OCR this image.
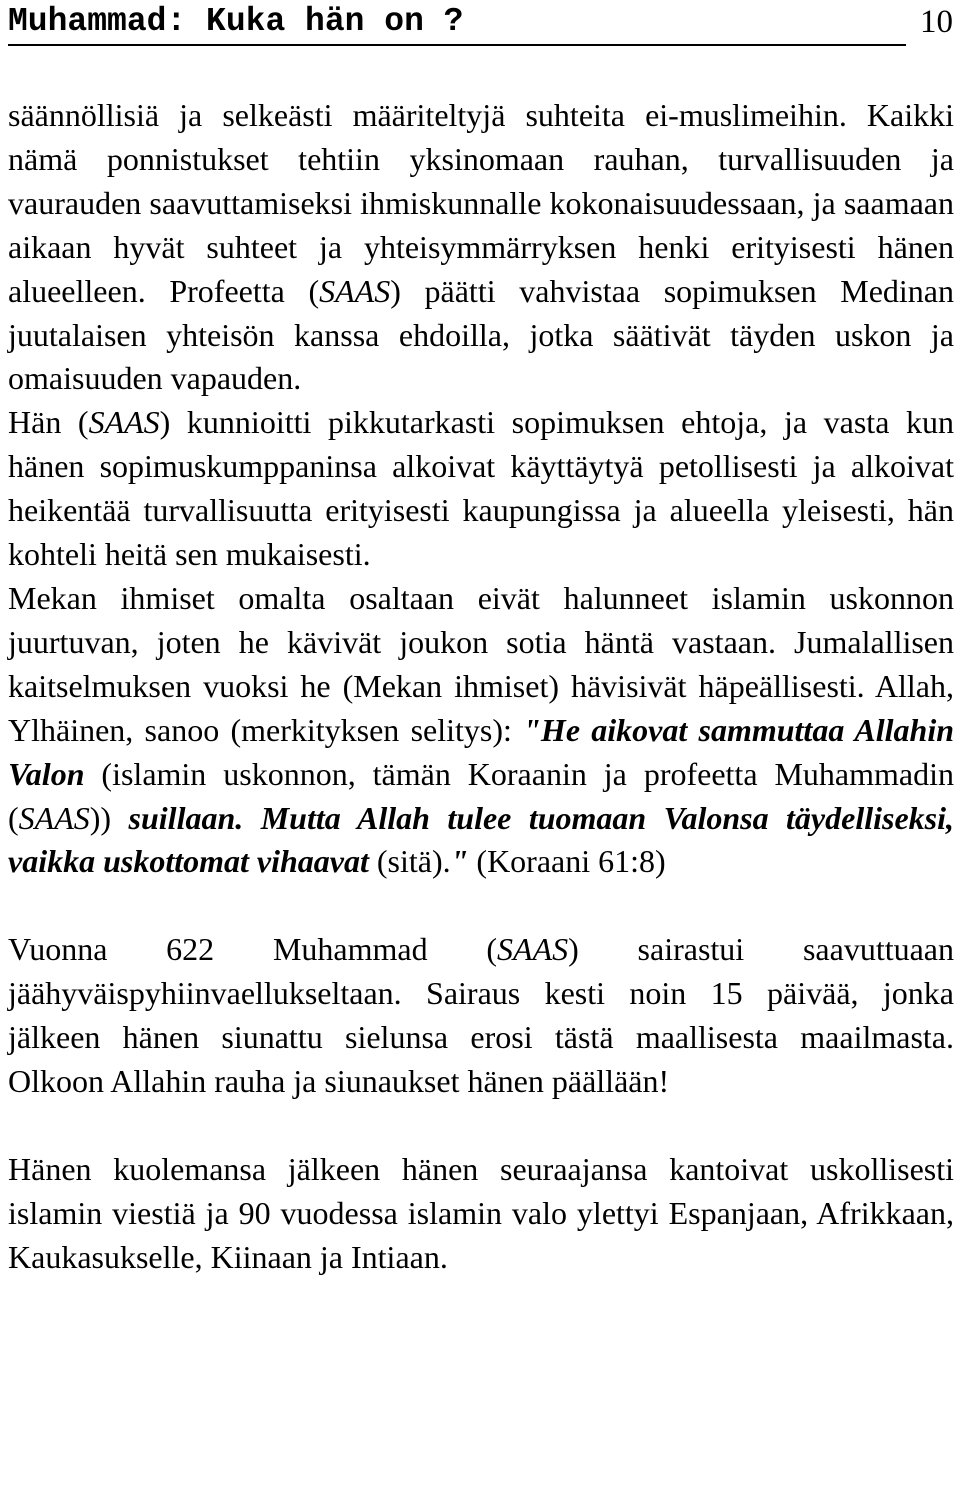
Muhammad: Kuka hän on ?	10

säännöllisiä ja selkeästi määriteltyjä suhteita ei-muslimeihin. Kaikki nämä ponnistukset tehtiin yksinomaan rauhan, turvallisuuden ja vaurauden saavuttamiseksi ihmiskunnalle kokonaisuudessaan, ja saamaan aikaan hyvät suhteet ja yhteisymmärryksen henki erityisesti hänen alueelleen. Profeetta (SAAS) päätti vahvistaa sopimuksen Medinan juutalaisen yhteisön kanssa ehdoilla, jotka säätivät täyden uskon ja omaisuuden vapauden.

Hän (SAAS) kunnioitti pikkutarkasti sopimuksen ehtoja, ja vasta kun hänen sopimuskumppaninsa alkoivat käyttäytyä petollisesti ja alkoivat heikentää turvallisuutta erityisesti kaupungissa ja alueella yleisesti, hän kohteli heitä sen mukaisesti.

Mekan ihmiset omalta osaltaan eivät halunneet islamin uskonnon juurtuvan, joten he kävivät joukon sotia häntä vastaan. Jumalallisen kaitselmuksen vuoksi he (Mekan ihmiset) hävisivät häpeällisesti. Allah, Ylhäinen, sanoo (merkityksen selitys): "He aikovat sammuttaa Allahin Valon (islamin uskonnon, tämän Koraanin ja profeetta Muhammadin (SAAS)) suillaan. Mutta Allah tulee tuomaan Valonsa täydelliseksi, vaikka uskottomat vihaavat (sitä)." (Koraani 61:8)

Vuonna 622 Muhammad (SAAS) sairastui saavuttuaan jäähyväispyhiinvaellukseltaan. Sairaus kesti noin 15 päivää, jonka jälkeen hänen siunattu sielunsa erosi tästä maallisesta maailmasta. Olkoon Allahin rauha ja siunaukset hänen päällään!

Hänen kuolemansa jälkeen hänen seuraajansa kantoivat uskollisesti islamin viestiä ja 90 vuodessa islamin valo ylettyi Espanjaan, Afrikkaan, Kaukasukselle, Kiinaan ja Intiaan.
